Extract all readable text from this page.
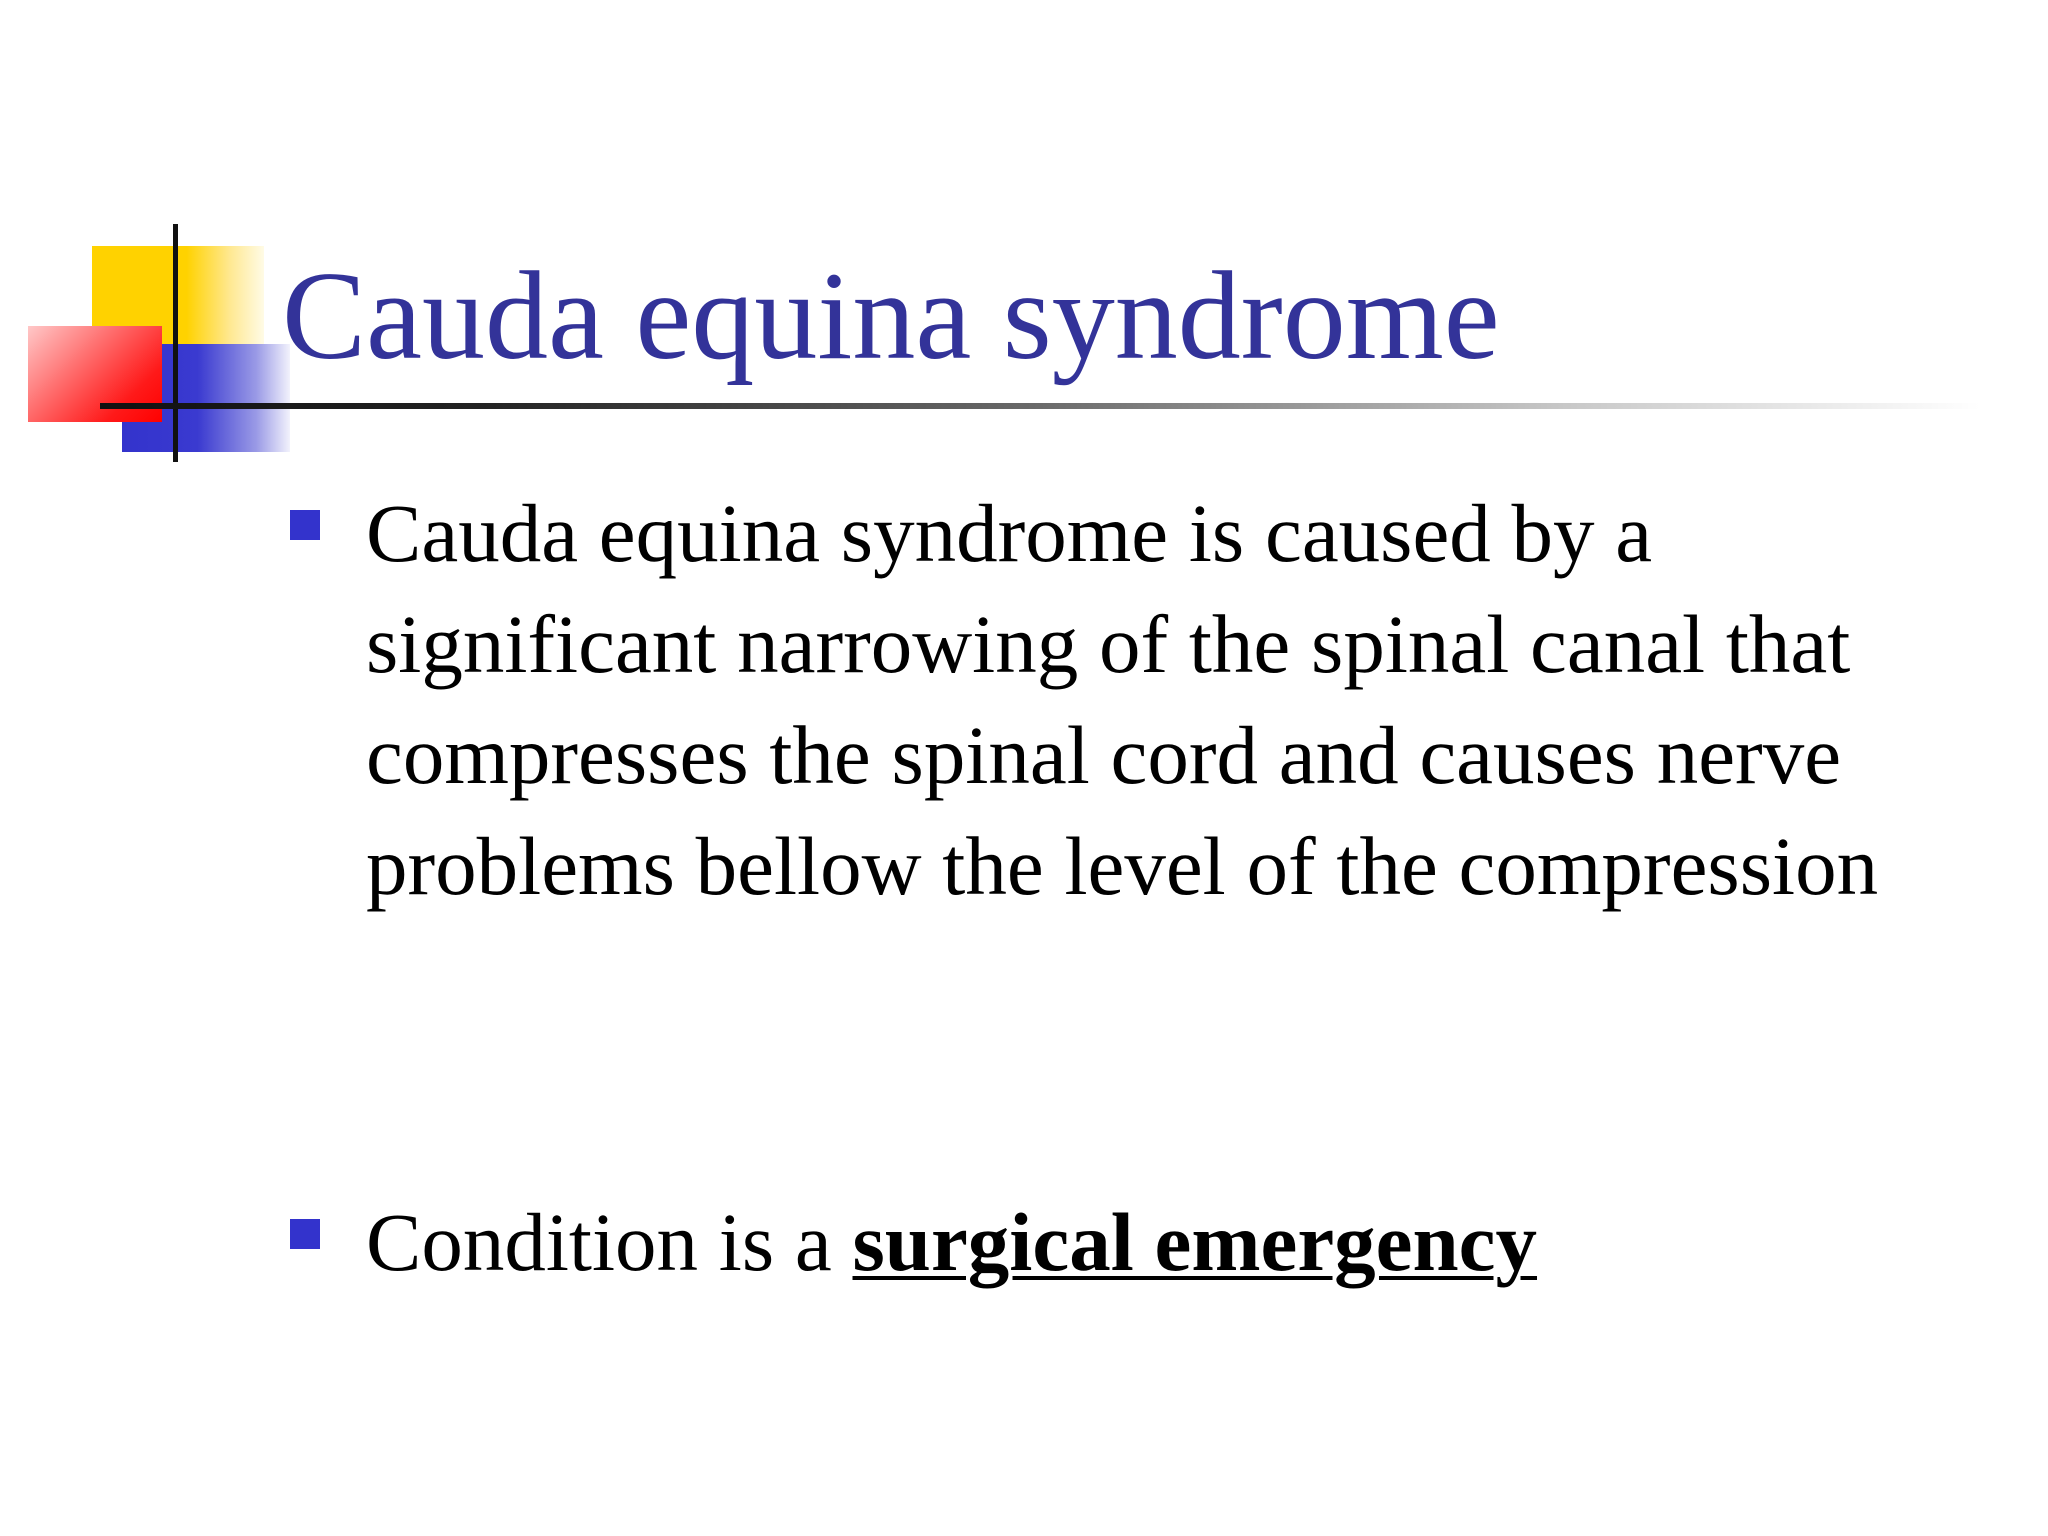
Cauda equina syndrome
Cauda equina syndrome is caused by a significant narrowing of the spinal canal that compresses the spinal cord and causes nerve problems bellow the level of the compression
Condition is a surgical emergency
